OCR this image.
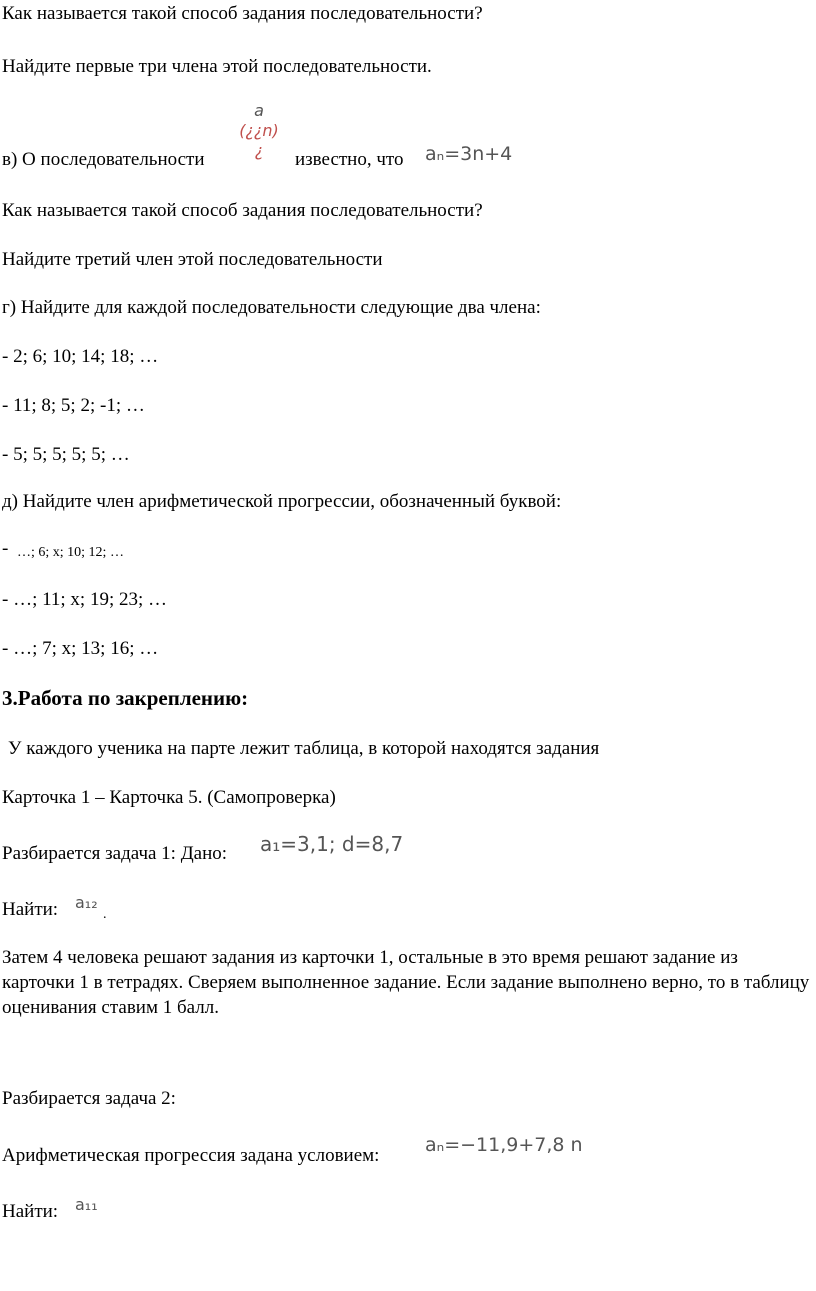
Как называется такой способ задания последовательности?
Найдите первые три члена этой последовательности.
в) О последовательности
a
(¿¿n)
¿	известно, что aₙ=3n+4
Как называется такой способ задания последовательности?
Найдите третий член этой последовательности
г) Найдите для каждой последовательности следующие два члена:
- 2; 6; 10; 14; 18; …
- 11; 8; 5; 2; -1; …
- 5; 5; 5; 5; 5; …
д) Найдите член арифметической прогрессии, обозначенный буквой:
- …; 6; x; 10; 12; …
- …; 11; x; 19; 23; …
- …; 7; x; 13; 16; …
3.Работа по закреплению:
У каждого ученика на парте лежит таблица, в которой находятся задания
Карточка 1 – Карточка 5. (Самопроверка)
Разбирается задача 1: Дано: a₁=3,1; d=8,7
Найти: a₁₂
.
Затем 4 человека решают задания из карточки 1, остальные в это время решают задание из карточки 1 в тетрадях. Сверяем выполненное задание. Если задание выполнено верно, то в таблицу оценивания ставим 1 балл.
Разбирается задача 2:
Арифметическая прогрессия задана условием: aₙ=−11,9+7,8 n
Найти: a₁₁
